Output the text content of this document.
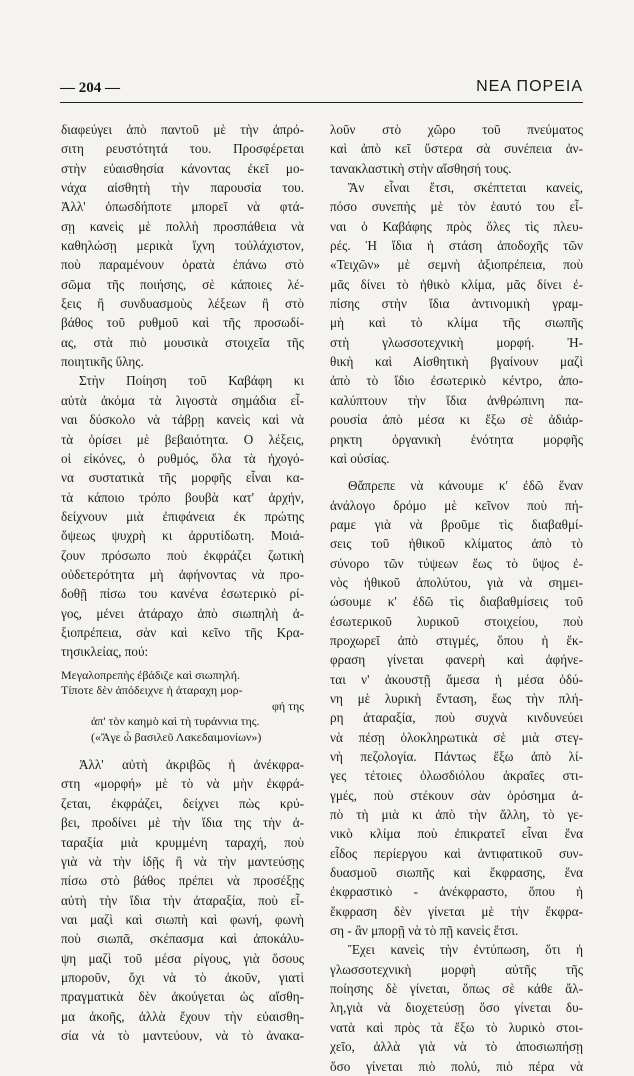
— 204 —	ΝΕΑ ΠΟΡΕΙΑ
διαφεύγει ἀπὸ παντοῦ μὲ τὴν ἀπρό-
σιτη ρευστότητά του. Προσφέρεται
στὴν εὐαισθησία κάνοντας ἐκεῖ μο-
νάχα αἰσθητὴ τὴν παρουσία του.
Ἀλλ' ὁπωσδήποτε μπορεῖ νὰ φτά-
σῃ κανεὶς μὲ πολλὴ προσπάθεια νὰ
καθηλώσῃ μερικὰ ἴχνη τοὐλάχιστον,
ποὺ παραμένουν ὁρατὰ ἐπάνω στὸ
σῶμα τῆς ποιήσης, σὲ κάποιες λέ-
ξεις ἢ συνδυασμοὺς λέξεων ἢ στὸ
βάθος τοῦ ρυθμοῦ καὶ τῆς προσωδί-
ας, στὰ πιὸ μουσικὰ στοιχεῖα τῆς
ποιητικῆς ὕλης.
Στὴν Ποίηση τοῦ Καβάφη κι
αὐτὰ ἀκόμα τὰ λιγοστὰ σημάδια εἶ-
ναι δύσκολο νὰ τάβρῃ κανεὶς καὶ νὰ
τὰ ὁρίσει μὲ βεβαιότητα. Ο λέξεις,
οἱ εἰκόνες, ὁ ρυθμός, ὅλα τὰ ἠχογό-
να συστατικὰ τῆς μορφῆς εἶναι κα-
τὰ κάποιο τρόπο βουβὰ κατ' ἀρχήν,
δείχνουν μιὰ ἐπιφάνεια ἐκ πρώτης
ὄψεως ψυχρὴ κι ἀρρυτίδωτη. Μοιά-
ζουν πρόσωπο ποὺ ἐκφράζει ζωτικὴ
οὐδετερότητα μὴ ἀφήνοντας νὰ προ-
δοθῇ πίσω του κανένα ἐσωτερικὸ ρί-
γος, μένει ἀτάραχο ἀπὸ σιωπηλὴ ἀ-
ξιοπρέπεια, σὰν καὶ κεῖνο τῆς Κρα-
τησικλείας, πού:
Μεγαλοπρεπὴς ἐβάδιζε καὶ σιωπηλή.
Τίποτε δὲν ἀπόδειχνε ἡ ἀταραχη μορ-
φή της
ἀπ' τὸν καημὸ καὶ τὴ τυράννια της.
(«Ἄγε ὦ βασιλεῦ Λακεδαιμονίων»)
Ἀλλ' αὐτὴ ἀκριβῶς ἡ ἀνέκφρα-
στη «μορφή» μὲ τὸ νὰ μὴν ἐκφρά-
ζεται, ἐκφράζει, δείχνει πὼς κρύ-
βει, προδίνει μὲ τὴν ἴδια της τὴν ἀ-
ταραξία μιὰ κρυμμένη ταραχή, ποὺ
γιὰ νὰ τὴν ἰδῇς ἢ νὰ τὴν μαντεύσῃς
πίσω στὸ βάθος πρέπει νὰ προσέξῃς
αὐτὴ τὴν ἴδια τὴν ἀταραξία, ποὺ εἶ-
ναι μαζὶ καὶ σιωπὴ καὶ φωνή, φωνὴ
ποὺ σιωπᾶ, σκέπασμα καὶ ἀποκάλυ-
ψη μαζὶ τοῦ μέσα ρίγους, γιὰ ὅσους
μποροῦν, ὄχι νὰ τὸ ἀκοῦν, γιατὶ
πραγματικὰ δὲν ἀκούγεται ὡς αἴσθη-
μα ἀκοῆς, ἀλλὰ ἔχουν τὴν εὐαισθη-
σία νὰ τὸ μαντεύουν, νὰ τὸ ἀνακα-
λοῦν στὸ χῶρο τοῦ πνεύματος
καὶ ἀπὸ κεῖ ὕστερα σὰ συνέπεια ἀν-
τανακλαστικὴ στὴν αἴσθησή τους.
Ἂν εἶναι ἔτσι, σκέπτεται κανείς,
πόσο συνεπὴς μὲ τὸν ἑαυτό του εἶ-
ναι ὁ Καβάφης πρὸς ὅλες τὶς πλευ-
ρές. Ἡ ἴδια ἡ στάση ἀποδοχῆς τῶν
«Τειχῶν» μὲ σεμνὴ ἀξιοπρέπεια, ποὺ
μᾶς δίνει τὸ ἠθικὸ κλίμα, μᾶς δίνει ἐ-
πίσης στὴν ἴδια ἀντινομικὴ γραμ-
μὴ καὶ τὸ κλίμα τῆς σιωπῆς
στὴ γλωσσοτεχνικὴ μορφή. Ἠ-
θικὴ καὶ Αἰσθητικὴ βγαίνουν μαζὶ
ἀπὸ τὸ ἴδιο ἐσωτερικὸ κέντρο, ἀπο-
καλύπτουν τὴν ἴδια ἀνθρώπινη πα-
ρουσία ἀπὸ μέσα κι ἔξω σὲ ἀδιάρ-
ρηκτη ὀργανικὴ ἑνότητα μορφῆς
καὶ οὐσίας.
Θἄπρεπε νὰ κάνουμε κ' ἐδῶ ἕναν
ἀνάλογο δρόμο μὲ κεῖνον ποὺ πή-
ραμε γιὰ νὰ βροῦμε τὶς διαβαθμί-
σεις τοῦ ἠθικοῦ κλίματος ἀπὸ τὸ
σύνορο τῶν τύψεων ἕως τὸ ὕψος ἐ-
νὸς ἠθικοῦ ἀπολύτου, γιὰ νὰ σημει-
ώσουμε κ' ἐδῶ τὶς διαβαθμίσεις τοῦ
ἐσωτερικοῦ λυρικοῦ στοιχείου, ποὺ
προχωρεῖ ἀπὸ στιγμές, ὅπου ἡ ἔκ-
φραση γίνεται φανερὴ καὶ ἀφήνε-
ται ν' ἀκουστῇ ἄμεσα ἡ μέσα ὀδύ-
νη μὲ λυρικὴ ἔνταση, ἕως τὴν πλή-
ρη ἀταραξία, ποὺ συχνὰ κινδυνεύει
νὰ πέσῃ ὁλοκληρωτικὰ σὲ μιὰ στεγ-
νὴ πεζολογία. Πάντως ἔξω ἀπὸ λί-
γες τέτοιες ὁλωσδιόλου ἀκραῖες στι-
γμές, ποὺ στέκουν σὰν ὁρόσημα ἀ-
πὸ τὴ μιὰ κι ἀπὸ τὴν ἄλλη, τὸ γε-
νικὸ κλίμα ποὺ ἐπικρατεῖ εἶναι ἕνα
εἶδος περίεργου καὶ ἀντιφατικοῦ συν-
δυασμοῦ σιωπῆς καὶ ἔκφρασης, ἕνα
ἐκφραστικὸ - ἀνέκφραστο, ὅπου ἡ
ἔκφραση δὲν γίνεται μὲ τὴν ἔκφρα-
ση - ἂν μπορῇ νὰ τὸ πῇ κανεὶς ἔτσι.
Ἔχει κανεὶς τὴν ἐντύπωση, ὅτι ἡ
γλωσσοτεχνικὴ μορφὴ αὐτῆς τῆς
ποίησης δὲ γίνεται, ὅπως σὲ κάθε ἄλ-
λη,γιὰ νὰ διοχετεύσῃ ὅσο γίνεται δυ-
νατὰ καὶ πρὸς τὰ ἔξω τὸ λυρικὸ στοι-
χεῖο, ἀλλὰ γιὰ νὰ τὸ ἀποσιωπήσῃ
ὅσο γίνεται πιὸ πολύ, πιὸ πέρα νὰ
